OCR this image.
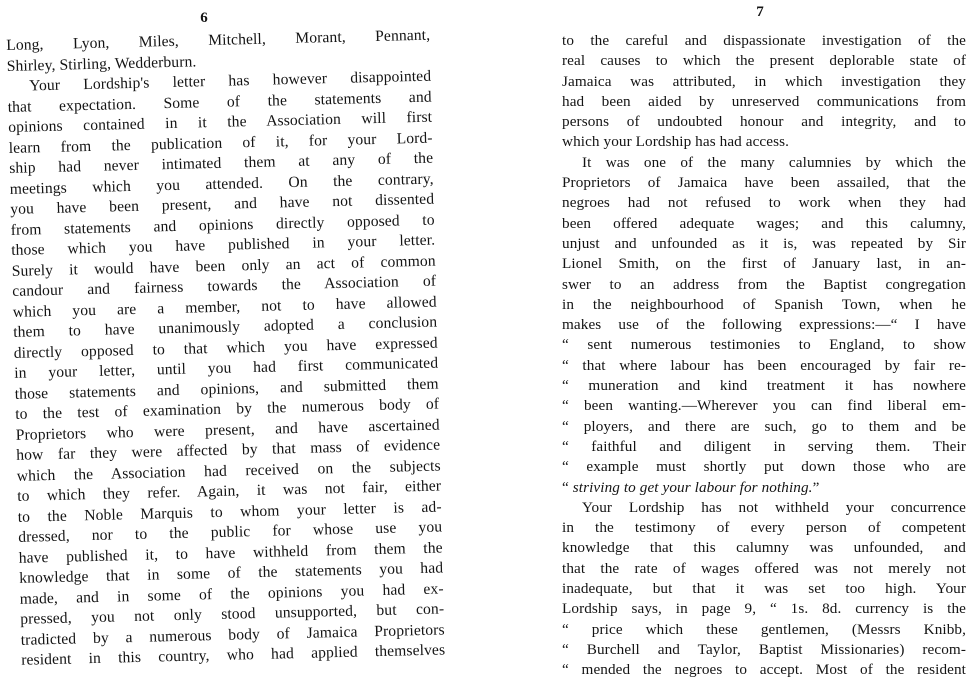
6
Long, Lyon, Miles, Mitchell, Morant, Pennant,
Shirley, Stirling, Wedderburn.
Your Lordship's letter has however disappointed
that expectation. Some of the statements and
opinions contained in it the Association will first
learn from the publication of it, for your Lord-
ship had never intimated them at any of the
meetings which you attended. On the contrary,
you have been present, and have not dissented
from statements and opinions directly opposed to
those which you have published in your letter.
Surely it would have been only an act of common
candour and fairness towards the Association of
which you are a member, not to have allowed
them to have unanimously adopted a conclusion
directly opposed to that which you have expressed
in your letter, until you had first communicated
those statements and opinions, and submitted them
to the test of examination by the numerous body of
Proprietors who were present, and have ascertained
how far they were affected by that mass of evidence
which the Association had received on the subjects
to which they refer. Again, it was not fair, either
to the Noble Marquis to whom your letter is ad-
dressed, nor to the public for whose use you
have published it, to have withheld from them the
knowledge that in some of the statements you had
made, and in some of the opinions you had ex-
pressed, you not only stood unsupported, but con-
tradicted by a numerous body of Jamaica Proprietors
resident in this country, who had applied themselves
7
to the careful and dispassionate investigation of the
real causes to which the present deplorable state of
Jamaica was attributed, in which investigation they
had been aided by unreserved communications from
persons of undoubted honour and integrity, and to
which your Lordship has had access.
It was one of the many calumnies by which the
Proprietors of Jamaica have been assailed, that the
negroes had not refused to work when they had
been offered adequate wages; and this calumny,
unjust and unfounded as it is, was repeated by Sir
Lionel Smith, on the first of January last, in an-
swer to an address from the Baptist congregation
in the neighbourhood of Spanish Town, when he
makes use of the following expressions:—“ I have
“ sent numerous testimonies to England, to show
“ that where labour has been encouraged by fair re-
“ muneration and kind treatment it has nowhere
“ been wanting.—Wherever you can find liberal em-
“ ployers, and there are such, go to them and be
“ faithful and diligent in serving them. Their
“ example must shortly put down those who are
“ striving to get your labour for nothing.”
Your Lordship has not withheld your concurrence
in the testimony of every person of competent
knowledge that this calumny was unfounded, and
that the rate of wages offered was not merely not
inadequate, but that it was set too high. Your
Lordship says, in page 9, “ 1s. 8d. currency is the
“ price which these gentlemen, (Messrs Knibb,
“ Burchell and Taylor, Baptist Missionaries) recom-
“ mended the negroes to accept. Most of the resident
